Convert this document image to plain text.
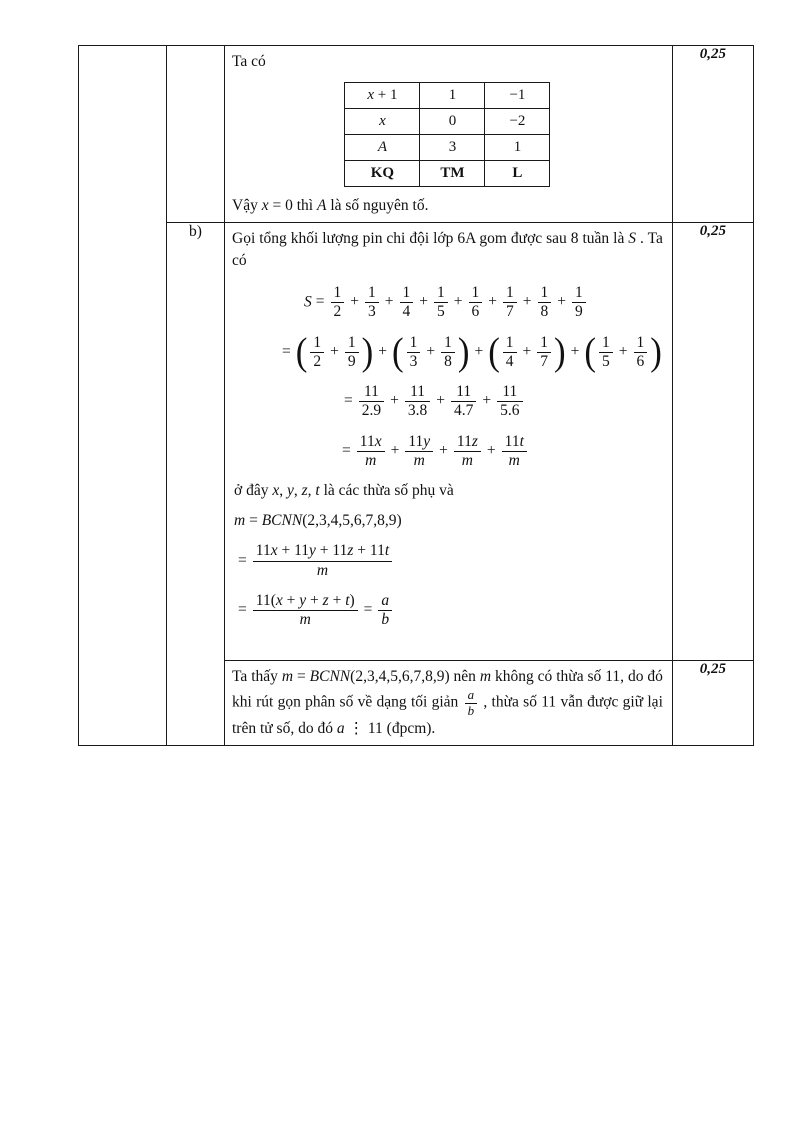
Ta có
x + 1	1	−1
x	0	−2
A	3	1
KQ	TM	L
Vậy x = 0 thì A là số nguyên tố.
	0,25
b)	Gọi tổng khối lượng pin chi đội lớp 6A gom được sau 8 tuần là S . Ta có
$S = \frac{1}{2} + \frac{1}{3} + \frac{1}{4} + \frac{1}{5} + \frac{1}{6} + \frac{1}{7} + \frac{1}{8} + \frac{1}{9}$
= ( $\frac{1}{2} + \frac{1}{9}$ ) + ( $\frac{1}{3} + \frac{1}{8}$ ) + ( $\frac{1}{4} + \frac{1}{7}$ ) + ( $\frac{1}{5} + \frac{1}{6}$ )
= $\frac{11}{2.9} + \frac{11}{3.8} + \frac{11}{4.7} + \frac{11}{5.6}$
= $\frac{11x}{m} + \frac{11y}{m} + \frac{11z}{m} + \frac{11t}{m}$
ở đây x, y, z, t là các thừa số phụ và
m = BCNN(2,3,4,5,6,7,8,9)
= $\frac{11x + 11y + 11z + 11t}{m}$
= $\frac{11(x + y + z + t)}{m} = \frac{a}{b}$
	0,25

Ta thấy m = BCNN(2,3,4,5,6,7,8,9) nên m không có thừa số 11, do đó khi rút gọn phân số về dạng tối giản $\frac{a}{b}$ , thừa số 11 vẫn được giữ lại trên tử số, do đó a ⋮ 11 (đpcm).
	0,25
